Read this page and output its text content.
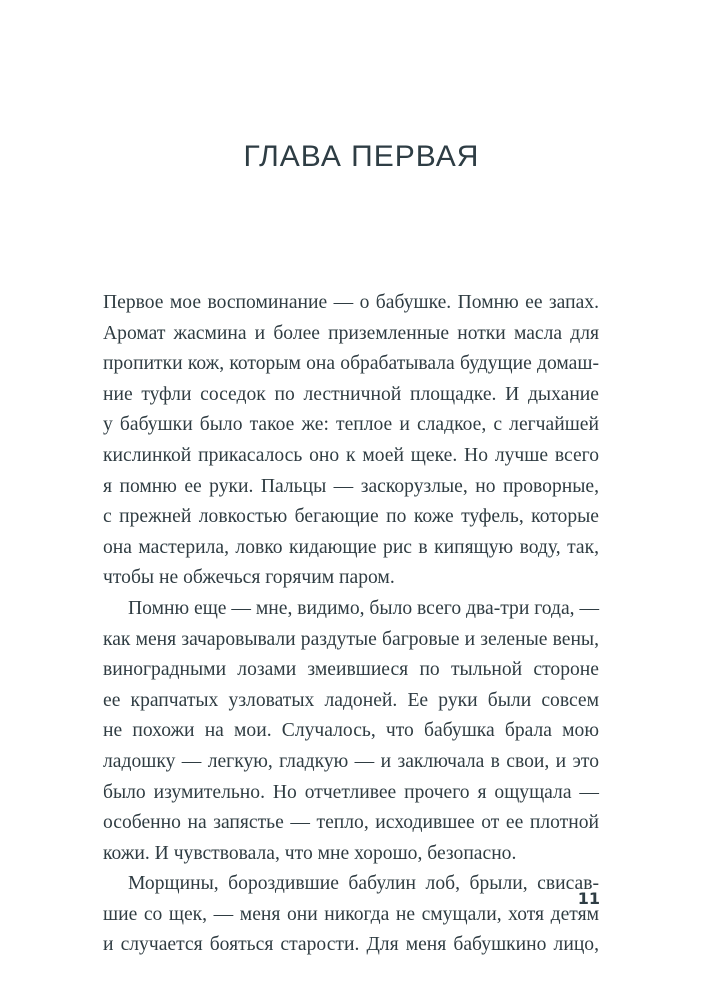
ГЛАВА ПЕРВАЯ

Первое мое воспоминание — о бабушке. Помню ее запах.
Аромат жасмина и более приземленные нотки масла для
пропитки кож, которым она обрабатывала будущие домаш-
ние туфли соседок по лестничной площадке. И дыхание
у бабушки было такое же: теплое и сладкое, с легчайшей
кислинкой прикасалось оно к моей щеке. Но лучше всего
я помню ее руки. Пальцы — заскорузлые, но проворные,
с прежней ловкостью бегающие по коже туфель, которые
она мастерила, ловко кидающие рис в кипящую воду, так,
чтобы не обжечься горячим паром.

Помню еще — мне, видимо, было всего два-три года, —
как меня зачаровывали раздутые багровые и зеленые вены,
виноградными лозами змеившиеся по тыльной стороне
ее крапчатых узловатых ладоней. Ее руки были совсем
не похожи на мои. Случалось, что бабушка брала мою
ладошку — легкую, гладкую — и заключала в свои, и это
было изумительно. Но отчетливее прочего я ощущала —
особенно на запястье — тепло, исходившее от ее плотной
кожи. И чувствовала, что мне хорошо, безопасно.

Морщины, бороздившие бабулин лоб, брыли, свисав-
шие со щек, — меня они никогда не смущали, хотя детям
и случается бояться старости. Для меня бабушкино лицо,

11
